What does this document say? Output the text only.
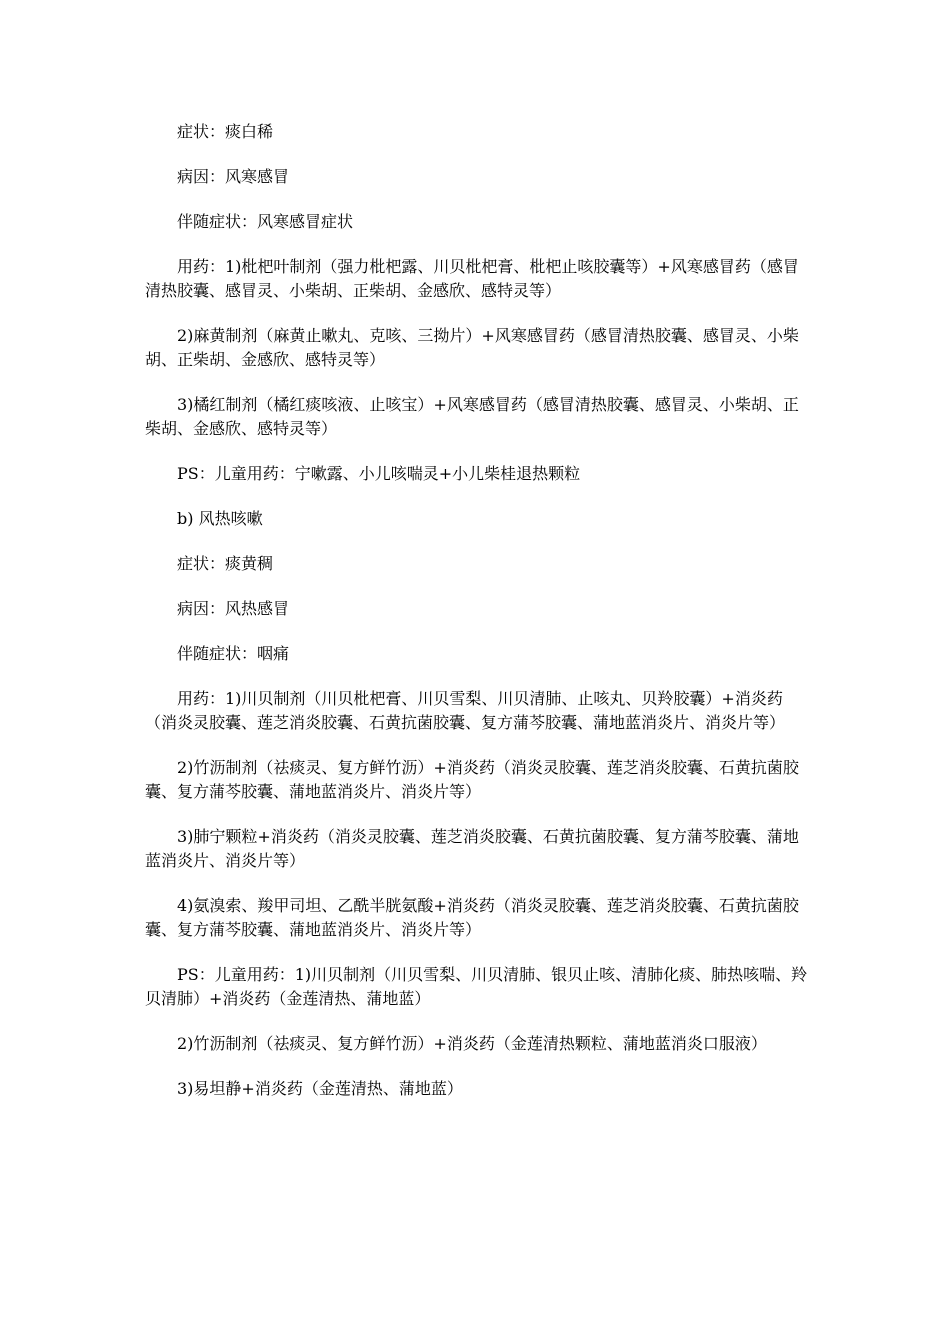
症状：痰白稀

病因：风寒感冒

伴随症状：风寒感冒症状

用药：1)枇杷叶制剂（强力枇杷露、川贝枇杷膏、枇杷止咳胶囊等）+风寒感冒药（感冒清热胶囊、感冒灵、小柴胡、正柴胡、金感欣、感特灵等）

2)麻黄制剂（麻黄止嗽丸、克咳、三拗片）+风寒感冒药（感冒清热胶囊、感冒灵、小柴胡、正柴胡、金感欣、感特灵等）

3)橘红制剂（橘红痰咳液、止咳宝）+风寒感冒药（感冒清热胶囊、感冒灵、小柴胡、正柴胡、金感欣、感特灵等）

PS：儿童用药：宁嗽露、小儿咳喘灵+小儿柴桂退热颗粒

b) 风热咳嗽

症状：痰黄稠

病因：风热感冒

伴随症状：咽痛

用药：1)川贝制剂（川贝枇杷膏、川贝雪梨、川贝清肺、止咳丸、贝羚胶囊）+消炎药（消炎灵胶囊、莲芝消炎胶囊、石黄抗菌胶囊、复方蒲芩胶囊、蒲地蓝消炎片、消炎片等）

2)竹沥制剂（祛痰灵、复方鲜竹沥）+消炎药（消炎灵胶囊、莲芝消炎胶囊、石黄抗菌胶囊、复方蒲芩胶囊、蒲地蓝消炎片、消炎片等）

3)肺宁颗粒+消炎药（消炎灵胶囊、莲芝消炎胶囊、石黄抗菌胶囊、复方蒲芩胶囊、蒲地蓝消炎片、消炎片等）

4)氨溴索、羧甲司坦、乙酰半胱氨酸+消炎药（消炎灵胶囊、莲芝消炎胶囊、石黄抗菌胶囊、复方蒲芩胶囊、蒲地蓝消炎片、消炎片等）

PS：儿童用药：1)川贝制剂（川贝雪梨、川贝清肺、银贝止咳、清肺化痰、肺热咳喘、羚贝清肺）+消炎药（金莲清热、蒲地蓝）

2)竹沥制剂（祛痰灵、复方鲜竹沥）+消炎药（金莲清热颗粒、蒲地蓝消炎口服液）

3)易坦静+消炎药（金莲清热、蒲地蓝）
